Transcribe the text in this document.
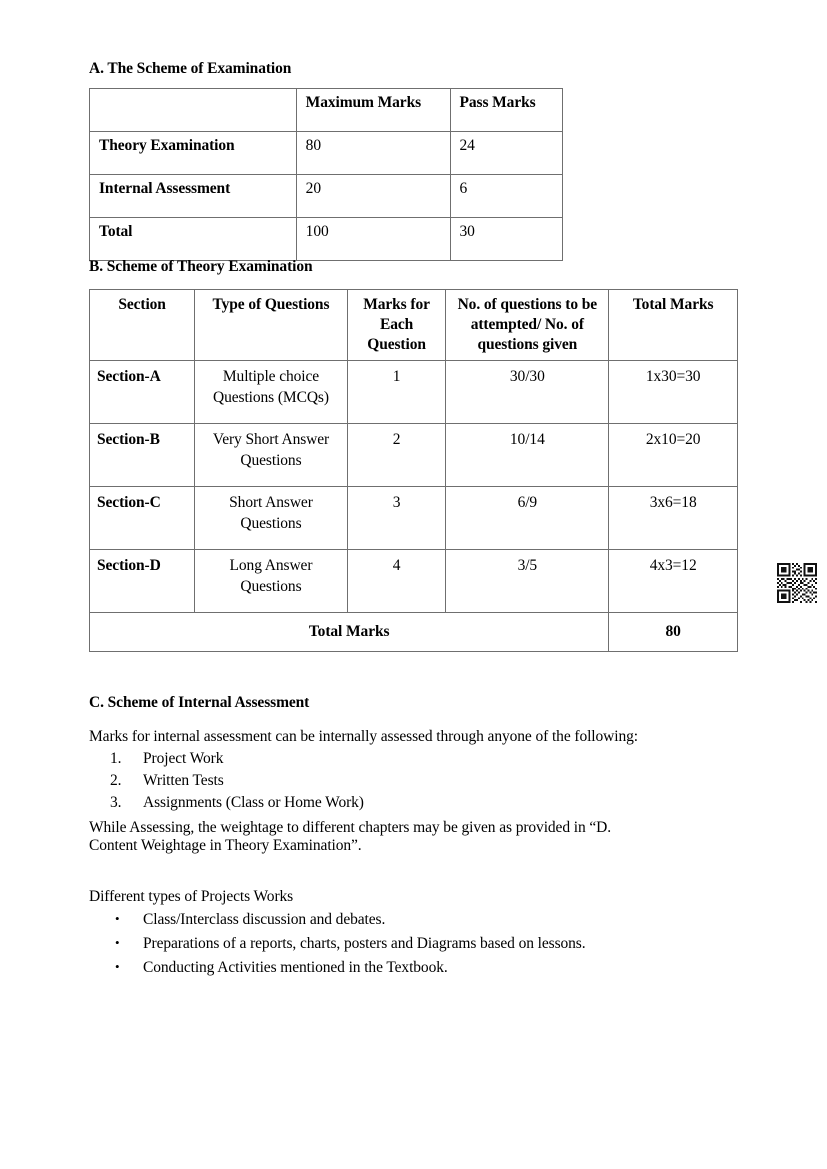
A. The Scheme of Examination
	Maximum Marks	Pass Marks
Theory Examination	80	24
Internal Assessment	20	6
Total	100	30
B. Scheme of Theory Examination
Section	Type of Questions	Marks for Each Question	No. of questions to be attempted/ No. of questions given	Total Marks
Section-A	Multiple choice Questions (MCQs)	1	30/30	1x30=30
Section-B	Very Short Answer Questions	2	10/14	2x10=20
Section-C	Short Answer Questions	3	6/9	3x6=18
Section-D	Long Answer Questions	4	3/5	4x3=12
Total Marks				80
C. Scheme of Internal Assessment
Marks for internal assessment can be internally assessed through anyone of the following:
1. Project Work
2. Written Tests
3. Assignments (Class or Home Work)
While Assessing, the weightage to different chapters may be given as provided in “D.
Content Weightage in Theory Examination”.
Different types of Projects Works
• Class/Interclass discussion and debates.
• Preparations of a reports, charts, posters and Diagrams based on lessons.
• Conducting Activities mentioned in the Textbook.
